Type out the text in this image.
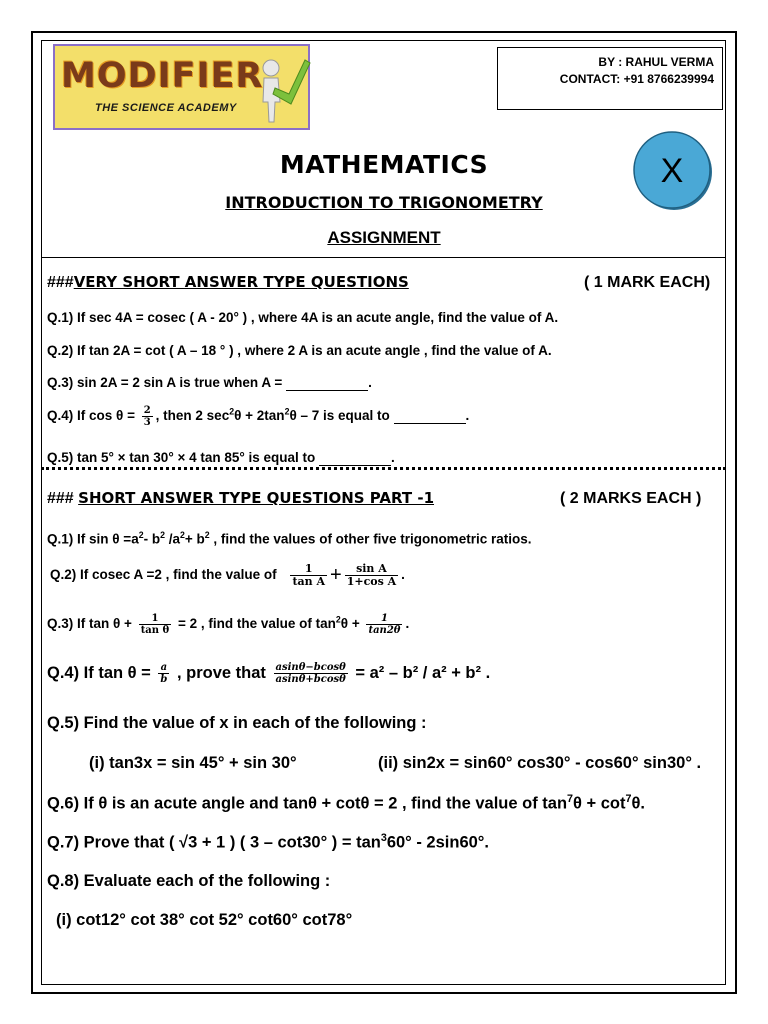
MODIFIER
THE SCIENCE ACADEMY
BY : RAHUL VERMA
CONTACT: +91 8766239994
X
MATHEMATICS
INTRODUCTION TO TRIGONOMETRY
ASSIGNMENT
###VERY SHORT ANSWER TYPE QUESTIONS	( 1 MARK EACH)
Q.1) If sec 4A = cosec ( A - 20° ) , where 4A is an acute angle, find the value of A.
Q.2) If tan 2A = cot ( A – 18 ° ) , where 2 A is an acute angle , find the value of A.
Q.3) sin 2A = 2 sin A is true when A =	.
Q.4) If $\cos \theta = \frac{2}{3}$ , then 2 $\sec^2\theta + 2\tan^2\theta - 7$ is equal to	.
Q.5) tan 5° × tan 30° × 4 tan 85° is equal to	.
### SHORT ANSWER TYPE QUESTIONS PART -1	( 2 MARKS EACH )
Q.1) If $\sin \theta =a^2-$ $b^2$ $/a^2+ b^2$ , find the values of other five trigonometric ratios.
Q.2) If cosec A =2 , find the value of $\frac{1}{\text{tan A}} + \frac{\text{sin A}}{\text{1+cos A}}$ .
Q.3) If $\tan \theta + \frac{1}{\text{tan θ}} = 2$ , find the value of $\tan^2\theta + \frac{1}{\tan 2\theta}$ .
Q.4) If $\tan \theta = \frac{a}{b}$ , prove that $\frac{asin\theta-bcos\theta}{asin\theta+bcos\theta} = a^2 - b^2 / a^2 + b^2$ .
Q.5) Find the value of x in each of the following :
(i) tan3x = sin 45° + sin 30°	(ii) sin2x = sin60° cos30° - cos60° sin30° .
Q.6) If θ is an acute angle and tanθ + cotθ = 2 , find the value of $\tan^7\theta + \cot^7\theta$.
Q.7) Prove that ( √3 + 1 ) ( 3 – cot30° ) = $\tan^360^\circ - 2\sin 60^\circ$.
Q.8) Evaluate each of the following :
(i) cot12° cot 38° cot 52° cot60° cot78°
